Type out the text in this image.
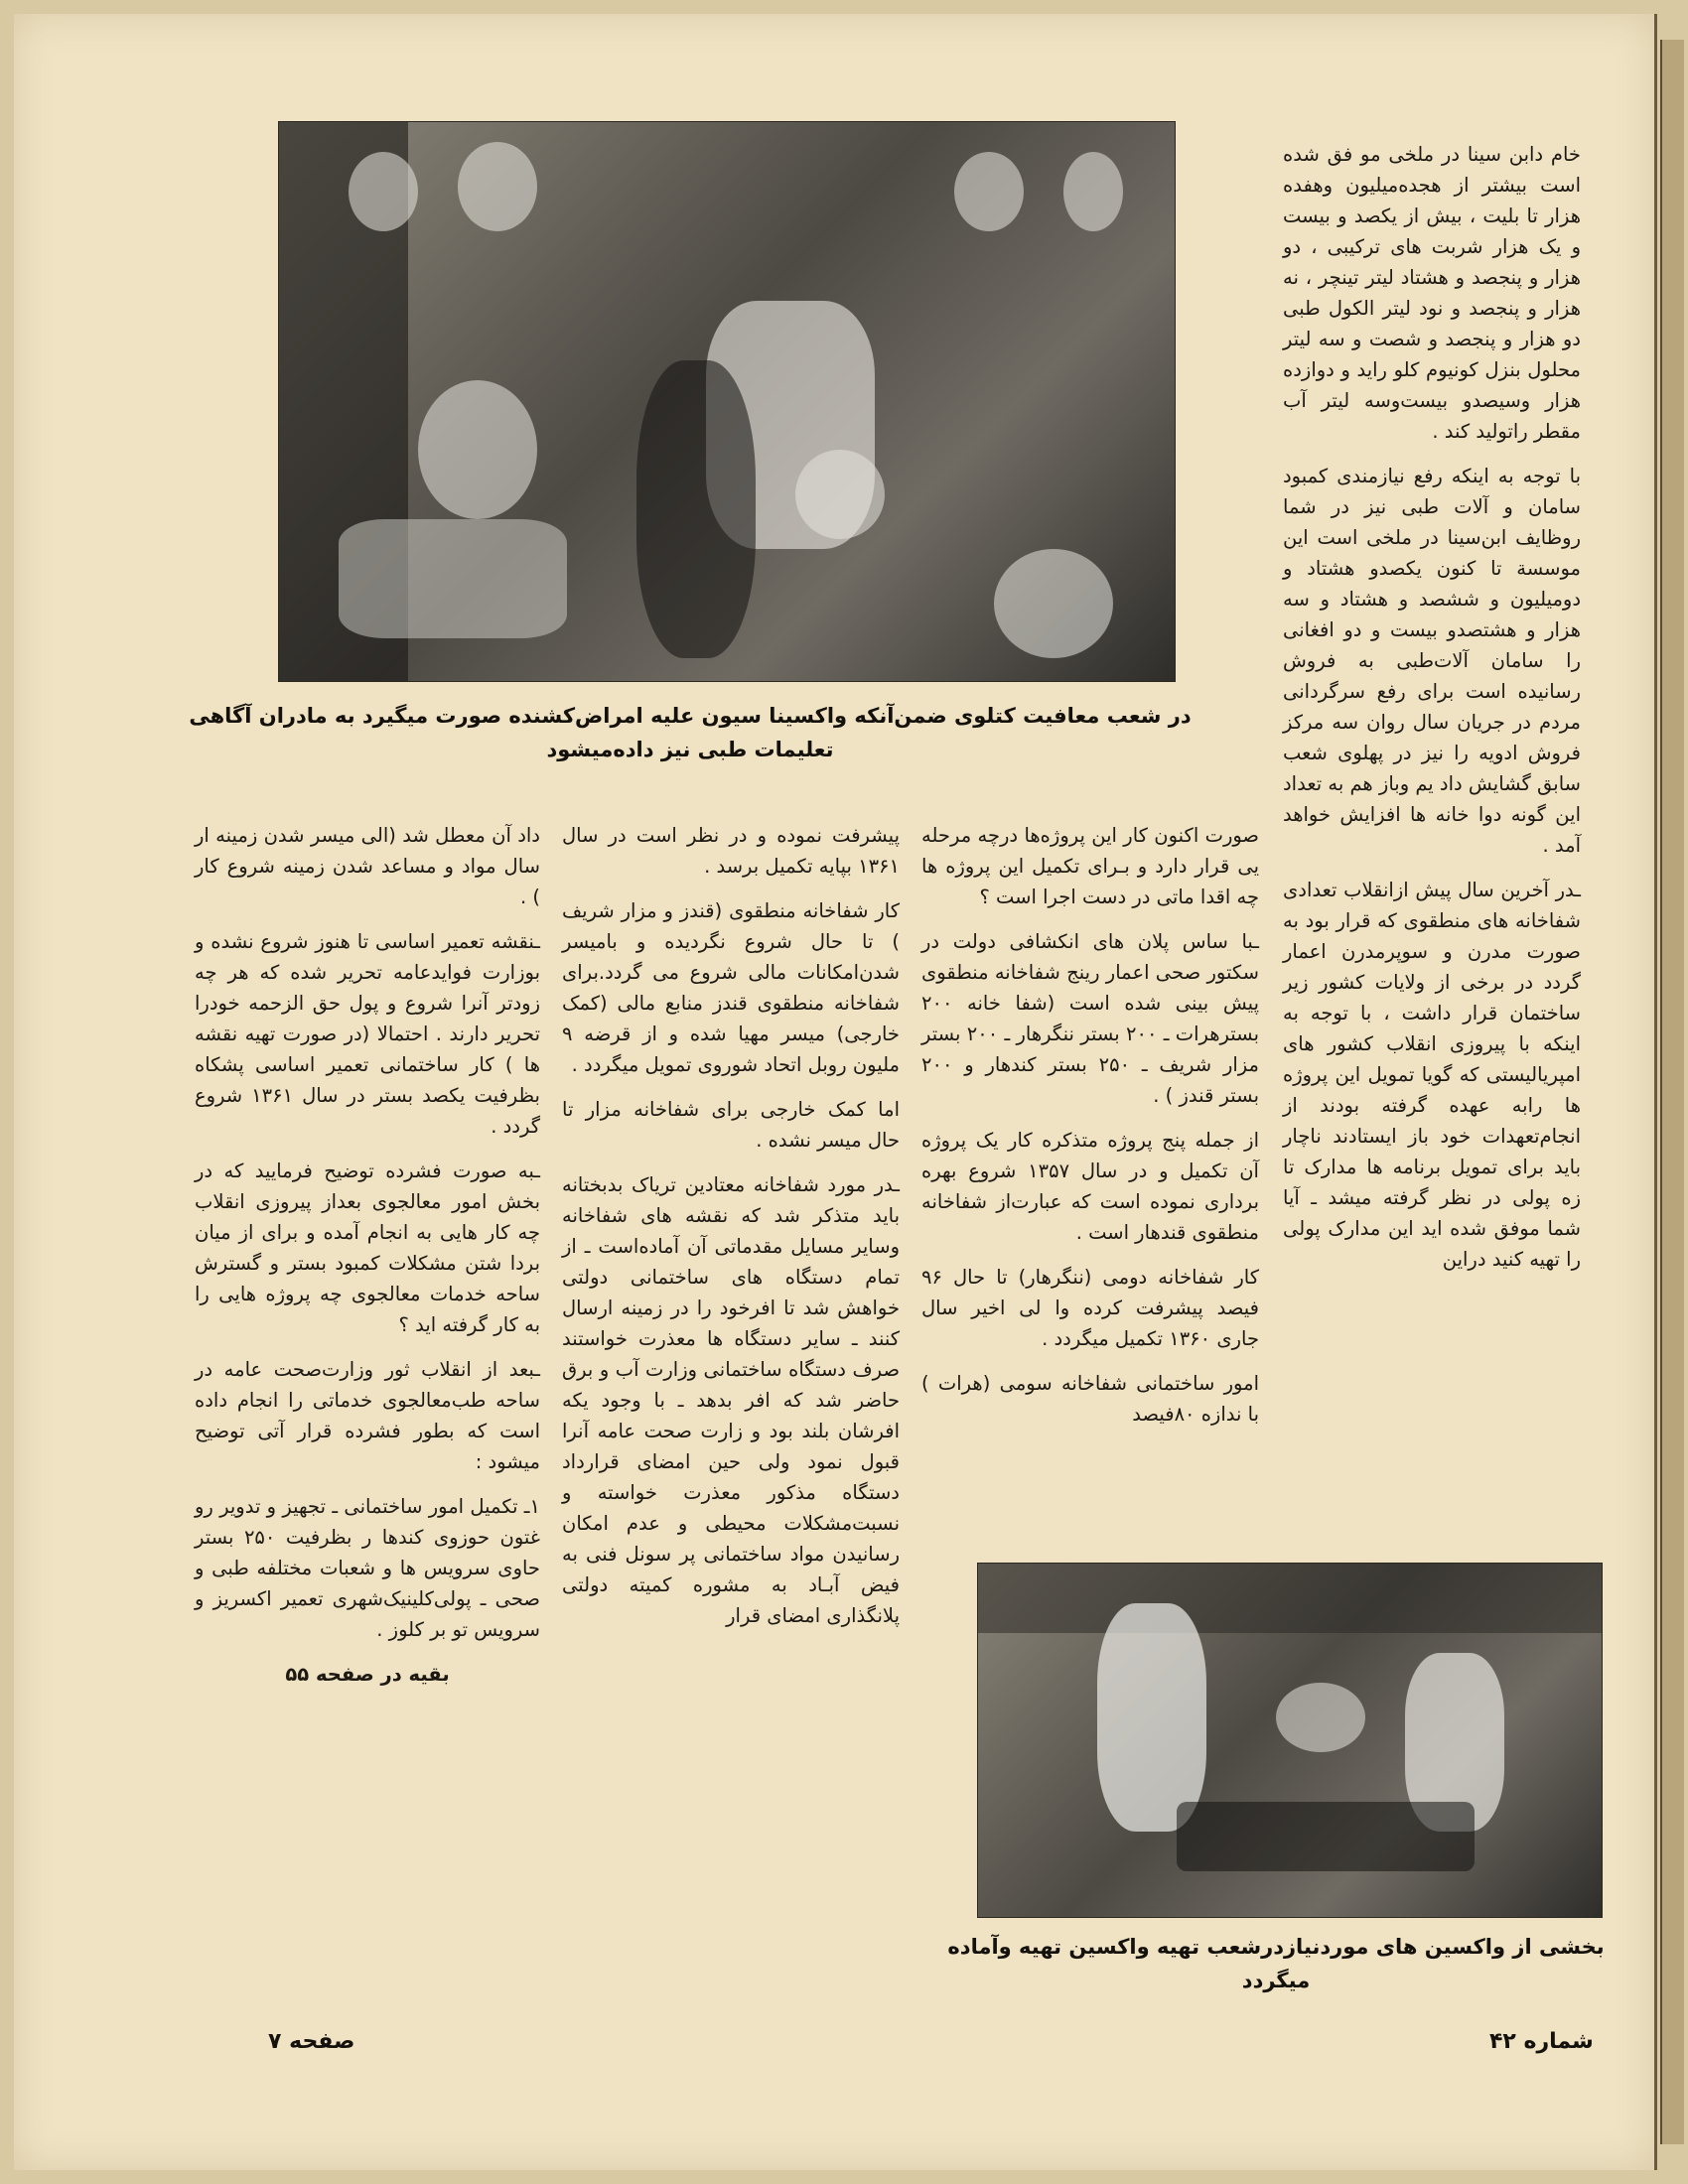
در شعب معافیت کتلوی ضمن‌آنکه واکسینا سیون علیه امراض‌کشنده صورت میگیرد به مادران آگاهی تعلیمات طبی نیز داده‌میشود

خام دابن سینا در ملخی مو فق شده است بیشتر از هجده‌میلیون وهفده هزار تا بلیت ، بیش از یکصد و بیست و یک هزار شربت های ترکیبی ، دو هزار و پنجصد و هشتاد لیتر تینچر ، نه هزار و پنجصد و نود لیتر الکول طبی دو هزار و پنجصد و شصت و سه لیتر محلول بنزل کونیوم کلو راید و دوازده هزار وسیصدو بیست‌وسه لیتر آب مقطر راتولید کند .

با توجه به اینکه رفع نیازمندی کمبود سامان و آلات طبی نیز در شما روظایف ابن‌سینا در ملخی است این موسسة تا کنون یکصدو هشتاد و دومیلیون و ششصد و هشتاد و سه هزار و هشتصدو بیست و دو افغانی را سامان آلات‌طبی به فروش رسانیده است برای رفع سرگردانی مردم در جریان سال روان سه مرکز فروش ادویه را نیز در پهلوی شعب سابق گشایش داد یم وباز هم به تعداد این گونه دوا خانه ها افزایش خواهد آمد .

ـدر آخرین سال پیش ازانقلاب تعدادی شفاخانه های منطقوی که قرار بود به صورت مدرن و سوپرمدرن اعمار گردد در برخی از ولایات کشور زیر ساختمان قرار داشت ، با توجه به اینکه با پیروزی انقلاب کشور های امپریالیستی که گویا تمویل این پروژه ها رابه عهده گرفته بودند از انجام‌تعهدات خود باز ایستادند ناچار باید برای تمویل برنامه ها مدارک تا زه پولی در نظر گرفته میشد ـ آیا شما موفق شده اید این مدارک پولی را تهیه کنید دراین

صورت اکنون کار این پروژه‌ها درچه مرحله یی قرار دارد و بـرای تکمیل این پروژه ها چه اقدا ماتی در دست اجرا است ؟

ـبا ساس پلان های انکشافی دولت در سکتور صحی اعمار رینج شفاخانه منطقوی پیش بینی شده است (شفا خانه ۲۰۰ بسترهرات ـ ۲۰۰ بستر ننگرهار ـ ۲۰۰ بستر مزار شریف ـ ۲۵۰ بستر کندهار و ۲۰۰ بستر قندز ) .

از جمله پنج پروژه متذکره کار یک پروژه آن تکمیل و در سال ۱۳۵۷ شروع بهره برداری نموده است که عبارت‌از شفاخانه منطقوی قندهار است .

کار شفاخانه دومی (ننگرهار) تا حال ۹۶ فیصد پیشرفت کرده وا لی اخیر سال جاری ۱۳۶۰ تکمیل میگردد .

امور ساختمانی شفاخانه سومی (هرات ) با ندازه ۸۰فیصد

پیشرفت نموده و در نظر است در سال ۱۳۶۱ بپایه تکمیل برسد .

کار شفاخانه منطقوی (قندز و مزار شریف ) تا حال شروع نگردیده و بامیسر شدن‌امکانات مالی شروع می گردد.برای شفاخانه منطقوی قندز منابع مالی (کمک خارجی) میسر مهیا شده و از قرضه ۹ ملیون روبل اتحاد شوروی تمویل میگردد .

اما کمک خارجی برای شفاخانه مزار تا حال میسر نشده .

ـدر مورد شفاخانه معتادین تریاک بدبختانه باید متذکر شد که نقشه های شفاخانه وسایر مسایل مقدماتی آن آماده‌است ـ از تمام دستگاه های ساختمانی دولتی خواهش شد تا افرخود را در زمینه ارسال کنند ـ سایر دستگاه ها معذرت خواستند صرف دستگاه ساختمانی وزارت آب و برق حاضر شد که افر بدهد ـ با وجود یکه افرشان بلند بود و زارت صحت عامه آنرا قبول نمود ولی حین امضای قرارداد دستگاه مذکور معذرت خواسته و نسبت‌مشکلات محیطی و عدم امکان رسانیدن مواد ساختمانی پر سونل فنی به فیض آبـاد به مشوره کمیته دولتی پلانگذاری امضای قرار

داد آن معطل شد (الی میسر شدن زمینه ار سال مواد و مساعد شدن زمینه شروع کار ) .

ـنقشه تعمیر اساسی تا هنوز شروع نشده و بوزارت فوایدعامه تحریر شده که هر چه زودتر آنرا شروع و پول حق الزحمه خودرا تحریر دارند . احتمالا (در صورت تهیه نقشه ها ) کار ساختمانی تعمیر اساسی پشکاه بظرفیت یکصد بستر در سال ۱۳۶۱ شروع گردد .

ـبه صورت فشرده توضیح فرمایید که در بخش امور معالجوی بعداز پیروزی انقلاب چه کار هایی به انجام آمده و برای از میان بردا شتن مشکلات کمبود بستر و گسترش ساحه خدمات معالجوی چه پروژه هایی را به کار گرفته اید ؟

ـبعد از انقلاب ثور وزارت‌صحت عامه در ساحه طب‌معالجوی خدماتی را انجام داده است که بطور فشرده قرار آتی توضیح میشود :

۱ـ تکمیل امور ساختمانی ـ تجهیز و تدویر رو غتون حوزوی کندها ر بظرفیت ۲۵۰ بستر حاوی سرویس ها و شعبات مختلفه طبی و صحی ـ پولی‌کلینیک‌شهری تعمیر اکسریز و سرویس تو بر کلوز .

بقیه در صفحه ۵۵

بخشی از واکسین های موردنیازدرشعب تهیه واکسین تهیه وآماده میگردد
صفحه ۷	شماره ۴۲
